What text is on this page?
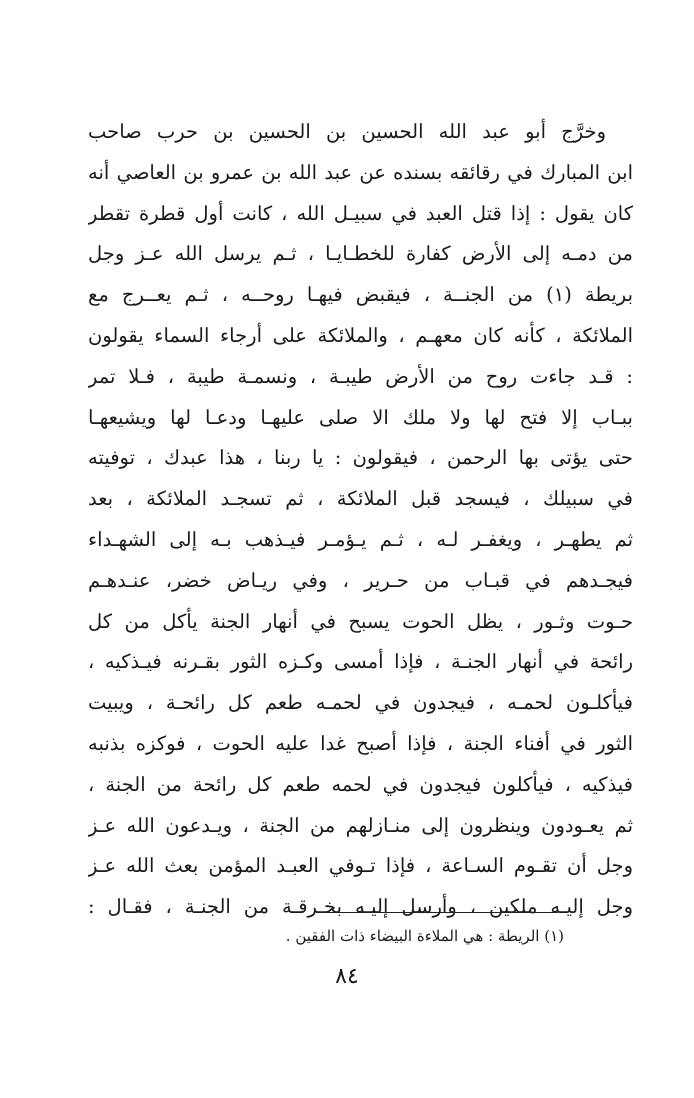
وخرَّج أبو عبد الله الحسين بن الحسين بن حرب صاحب
ابن المبارك في رقائقه بسنده عن عبد الله بن عمرو بن العاصي أنه
كان يقول : إذا قتل العبد في سبيـل الله ، كانت أول قطرة تقطر
من دمـه إلى الأرض كفارة للخطـايـا ، ثـم يرسل الله عـز وجل
بريطة (١) من الجنــة ، فيقبض فيهـا روحــه ، ثـم يعــرج مع
الملائكة ، كأنه كان معهـم ، والملائكة على أرجاء السماء يقولون
: قـد جاءت روح من الأرض طيبـة ، ونسمـة طيبة ، فـلا تمر
ببـاب إلا فتح لها ولا ملك الا صلى عليهـا ودعـا لها ويشيعهـا
حتى يؤتى بها الرحمن ، فيقولون : يا ربنا ، هذا عبدك ، توفيته
في سبيلك ، فيسجد قبل الملائكة ، ثم تسجـد الملائكة ، بعد
ثم يطهـر ، ويغفـر لـه ، ثـم يـؤمـر فيـذهب بـه إلى الشهـداء
فيجـدهم في قبـاب من حـرير ، وفي ريـاض خضر، عنـدهـم
حـوت وثـور ، يظل الحوت يسبح في أنهار الجنة يأكل من كل
رائحة في أنهار الجنـة ، فإذا أمسى وكـزه الثور بقـرنه فيـذكيه ،
فيأكلـون لحمـه ، فيجدون في لحمـه طعم كل رائحـة ، ويبيت
الثور في أفناء الجنة ، فإذا أصبح غدا عليه الحوت ، فوكزه بذنبه
فيذكيه ، فيأكلون فيجدون في لحمه طعم كل رائحة من الجنة ،
ثم يعـودون وينظرون إلى منـازلهم من الجنة ، ويـدعون الله عـز
وجل أن تقـوم السـاعة ، فإذا تـوفي العبـد المؤمن بعث الله عـز
وجل إليـه ملكين ، وأرسل إليـه بخـرقـة من الجنـة ، فقـال :
(١) الريطة : هي الملاءة البيضاء ذات الفقين .
٨٤
